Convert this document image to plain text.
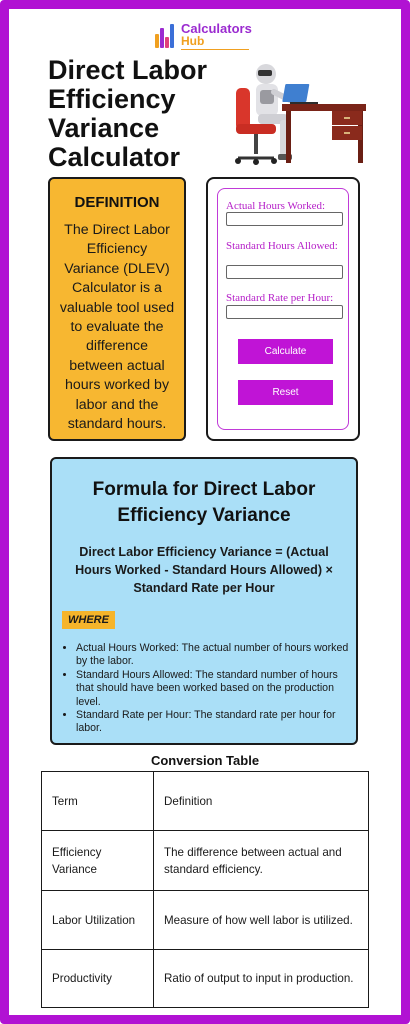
Calculators
Hub
Direct Labor Efficiency Variance Calculator
DEFINITION
The Direct Labor Efficiency Variance (DLEV) Calculator is a valuable tool used to evaluate the difference between actual hours worked by labor and the standard hours.
Actual Hours Worked:
Standard Hours Allowed:
Standard Rate per Hour:
Calculate
Reset
Formula for Direct Labor Efficiency Variance
Direct Labor Efficiency Variance = (Actual Hours Worked - Standard Hours Allowed) × Standard Rate per Hour
WHERE
• Actual Hours Worked: The actual number of hours worked by the labor.
• Standard Hours Allowed: The standard number of hours that should have been worked based on the production level.
• Standard Rate per Hour: The standard rate per hour for labor.
Conversion Table
Term	Definition
Efficiency Variance	The difference between actual and standard efficiency.
Labor Utilization	Measure of how well labor is utilized.
Productivity	Ratio of output to input in production.
